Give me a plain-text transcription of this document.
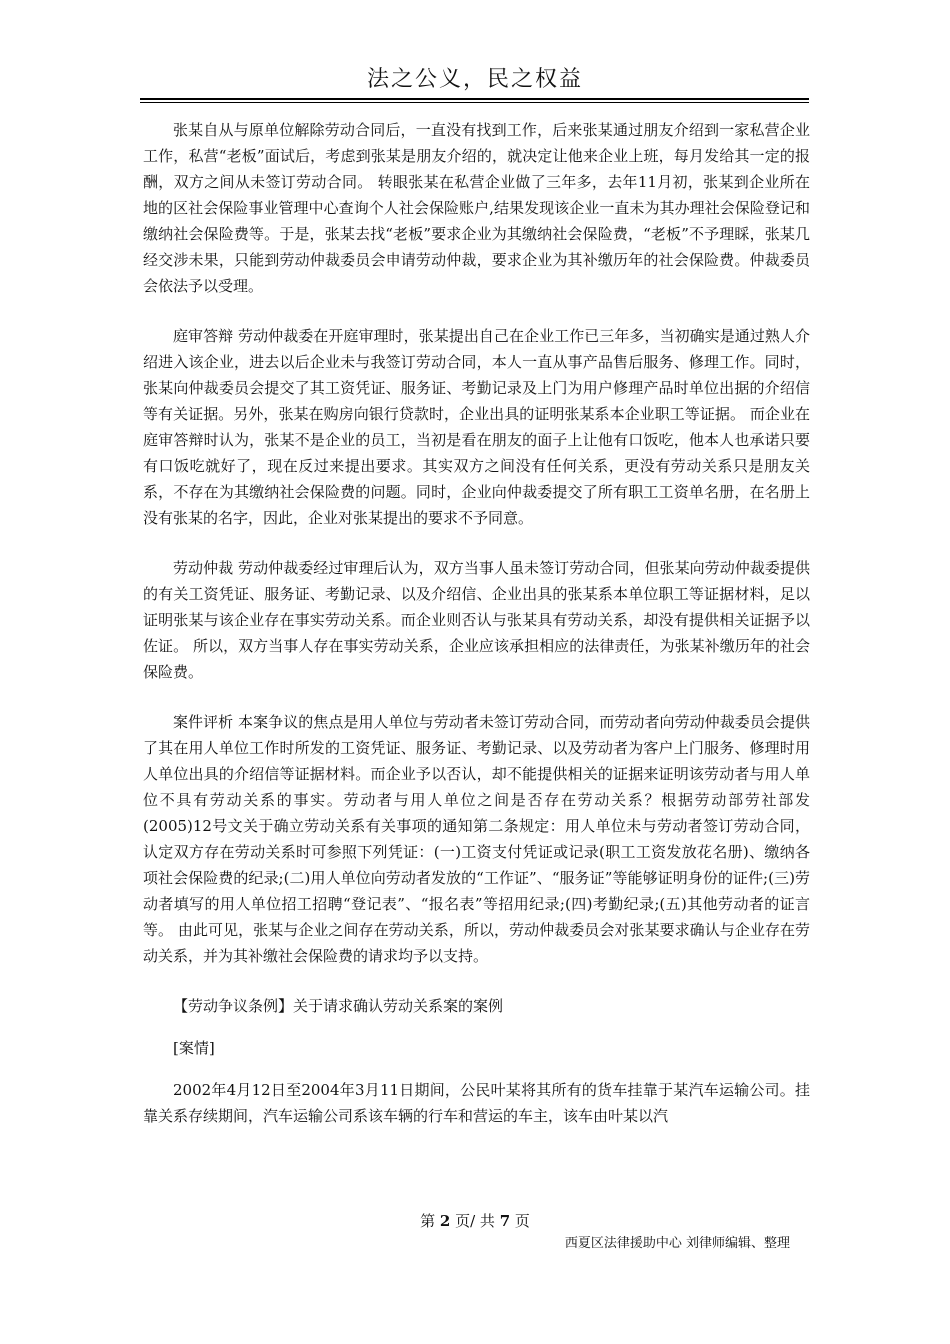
法之公义，民之权益

张某自从与原单位解除劳动合同后，一直没有找到工作，后来张某通过朋友介绍到一家私营企业工作，私营“老板”面试后，考虑到张某是朋友介绍的，就决定让他来企业上班，每月发给其一定的报酬，双方之间从未签订劳动合同。 转眼张某在私营企业做了三年多，去年11月初，张某到企业所在地的区社会保险事业管理中心查询个人社会保险账户,结果发现该企业一直未为其办理社会保险登记和缴纳社会保险费等。于是，张某去找“老板”要求企业为其缴纳社会保险费，“老板”不予理睬，张某几经交涉未果，只能到劳动仲裁委员会申请劳动仲裁，要求企业为其补缴历年的社会保险费。仲裁委员会依法予以受理。

庭审答辩 劳动仲裁委在开庭审理时，张某提出自己在企业工作已三年多，当初确实是通过熟人介绍进入该企业，进去以后企业未与我签订劳动合同，本人一直从事产品售后服务、修理工作。同时，张某向仲裁委员会提交了其工资凭证、服务证、考勤记录及上门为用户修理产品时单位出据的介绍信等有关证据。另外，张某在购房向银行贷款时，企业出具的证明张某系本企业职工等证据。 而企业在庭审答辩时认为，张某不是企业的员工，当初是看在朋友的面子上让他有口饭吃，他本人也承诺只要有口饭吃就好了，现在反过来提出要求。其实双方之间没有任何关系，更没有劳动关系只是朋友关系，不存在为其缴纳社会保险费的问题。同时，企业向仲裁委提交了所有职工工资单名册，在名册上没有张某的名字，因此，企业对张某提出的要求不予同意。

劳动仲裁 劳动仲裁委经过审理后认为，双方当事人虽未签订劳动合同，但张某向劳动仲裁委提供的有关工资凭证、服务证、考勤记录、以及介绍信、企业出具的张某系本单位职工等证据材料，足以证明张某与该企业存在事实劳动关系。而企业则否认与张某具有劳动关系，却没有提供相关证据予以佐证。 所以，双方当事人存在事实劳动关系，企业应该承担相应的法律责任，为张某补缴历年的社会保险费。

案件评析 本案争议的焦点是用人单位与劳动者未签订劳动合同，而劳动者向劳动仲裁委员会提供了其在用人单位工作时所发的工资凭证、服务证、考勤记录、以及劳动者为客户上门服务、修理时用人单位出具的介绍信等证据材料。而企业予以否认，却不能提供相关的证据来证明该劳动者与用人单位不具有劳动关系的事实。劳动者与用人单位之间是否存在劳动关系？根据劳动部劳社部发(2005)12号文关于确立劳动关系有关事项的通知第二条规定：用人单位未与劳动者签订劳动合同，认定双方存在劳动关系时可参照下列凭证：(一)工资支付凭证或记录(职工工资发放花名册)、缴纳各项社会保险费的纪录;(二)用人单位向劳动者发放的“工作证”、“服务证”等能够证明身份的证件;(三)劳动者填写的用人单位招工招聘“登记表”、“报名表”等招用纪录;(四)考勤纪录;(五)其他劳动者的证言等。 由此可见，张某与企业之间存在劳动关系，所以，劳动仲裁委员会对张某要求确认与企业存在劳动关系，并为其补缴社会保险费的请求均予以支持。

【劳动争议条例】关于请求确认劳动关系案的案例

[案情]

2002年4月12日至2004年3月11日期间，公民叶某将其所有的货车挂靠于某汽车运输公司。挂靠关系存续期间，汽车运输公司系该车辆的行车和营运的车主，该车由叶某以汽

第 2 页/ 共 7 页
西夏区法律援助中心 刘律师编辑、整理
